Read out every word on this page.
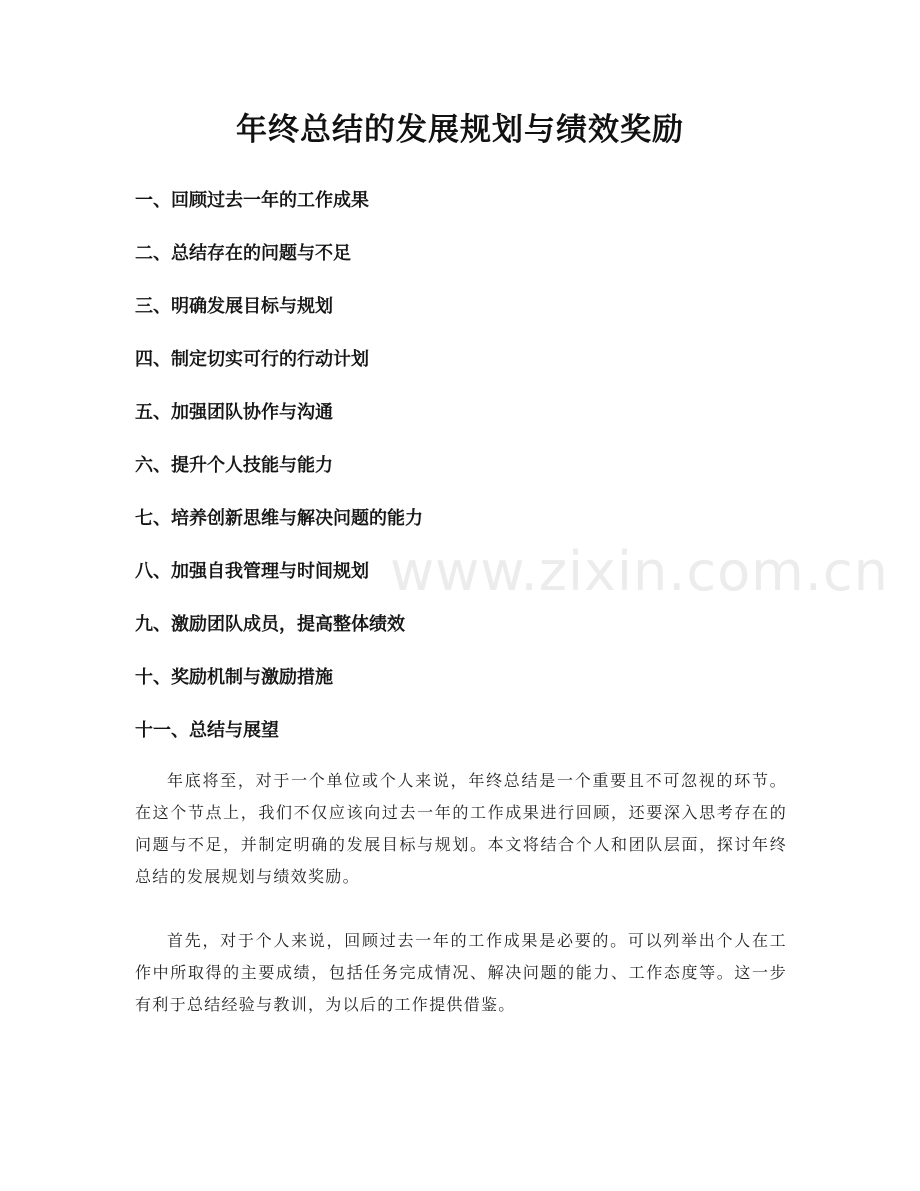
年终总结的发展规划与绩效奖励
一、回顾过去一年的工作成果
二、总结存在的问题与不足
三、明确发展目标与规划
四、制定切实可行的行动计划
五、加强团队协作与沟通
六、提升个人技能与能力
七、培养创新思维与解决问题的能力
八、加强自我管理与时间规划
九、激励团队成员，提高整体绩效
十、奖励机制与激励措施
十一、总结与展望

年底将至，对于一个单位或个人来说，年终总结是一个重要且不可忽视的环节。在这个节点上，我们不仅应该向过去一年的工作成果进行回顾，还要深入思考存在的问题与不足，并制定明确的发展目标与规划。本文将结合个人和团队层面，探讨年终总结的发展规划与绩效奖励。

首先，对于个人来说，回顾过去一年的工作成果是必要的。可以列举出个人在工作中所取得的主要成绩，包括任务完成情况、解决问题的能力、工作态度等。这一步有利于总结经验与教训，为以后的工作提供借鉴。

www.zixin.com.cn
